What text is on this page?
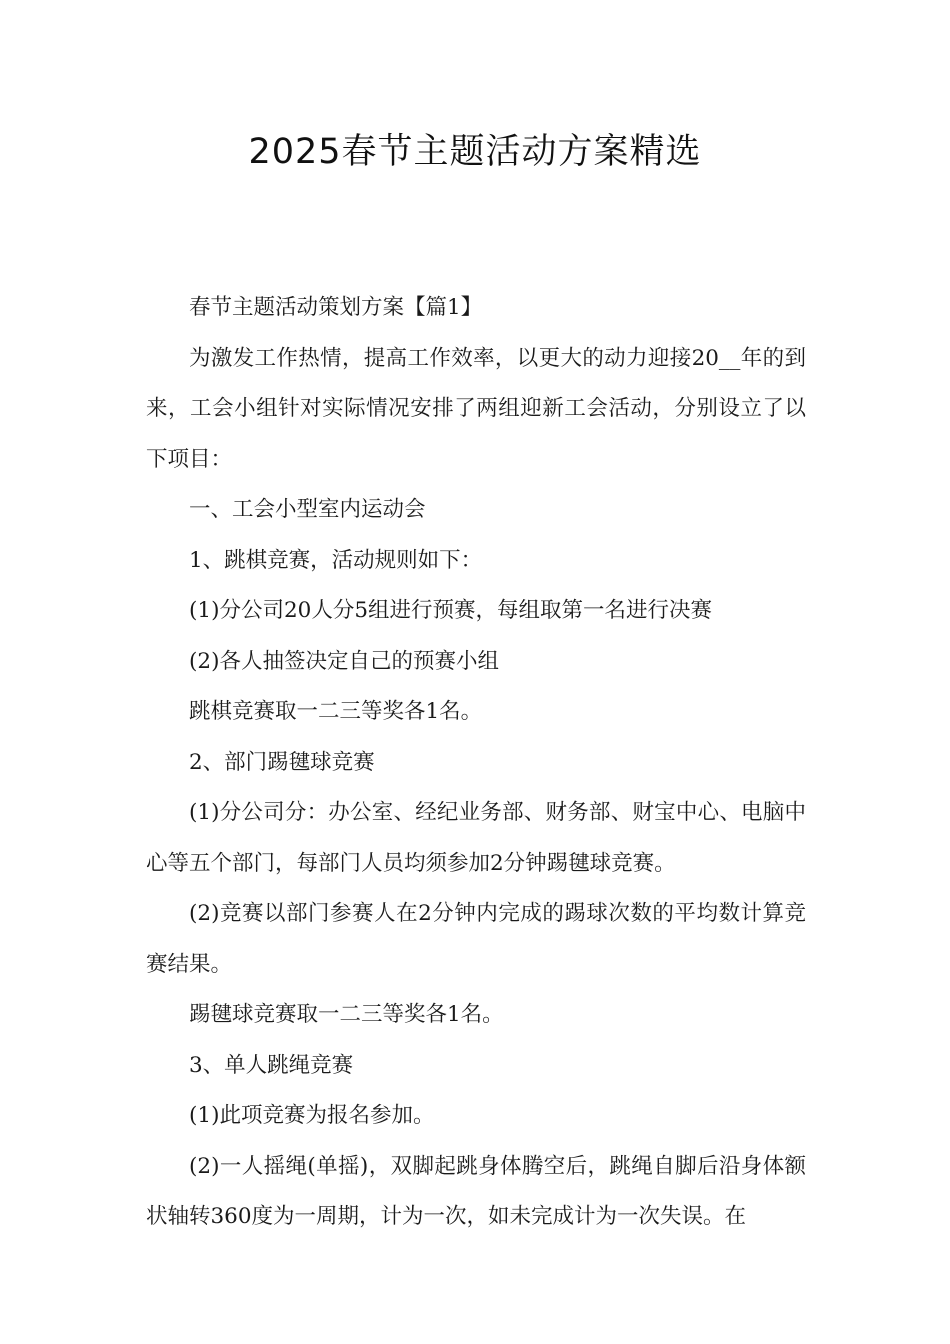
2025春节主题活动方案精选

春节主题活动策划方案【篇1】

为激发工作热情，提高工作效率，以更大的动力迎接20__年的到来，工会小组针对实际情况安排了两组迎新工会活动，分别设立了以下项目：

一、工会小型室内运动会

1、跳棋竞赛，活动规则如下：

(1)分公司20人分5组进行预赛，每组取第一名进行决赛

(2)各人抽签决定自己的预赛小组

跳棋竞赛取一二三等奖各1名。

2、部门踢毽球竞赛

(1)分公司分：办公室、经纪业务部、财务部、财宝中心、电脑中心等五个部门，每部门人员均须参加2分钟踢毽球竞赛。

(2)竞赛以部门参赛人在2分钟内完成的踢球次数的平均数计算竞赛结果。

踢毽球竞赛取一二三等奖各1名。

3、单人跳绳竞赛

(1)此项竞赛为报名参加。

(2)一人摇绳(单摇)，双脚起跳身体腾空后，跳绳自脚后沿身体额状轴转360度为一周期，计为一次，如未完成计为一次失误。在
